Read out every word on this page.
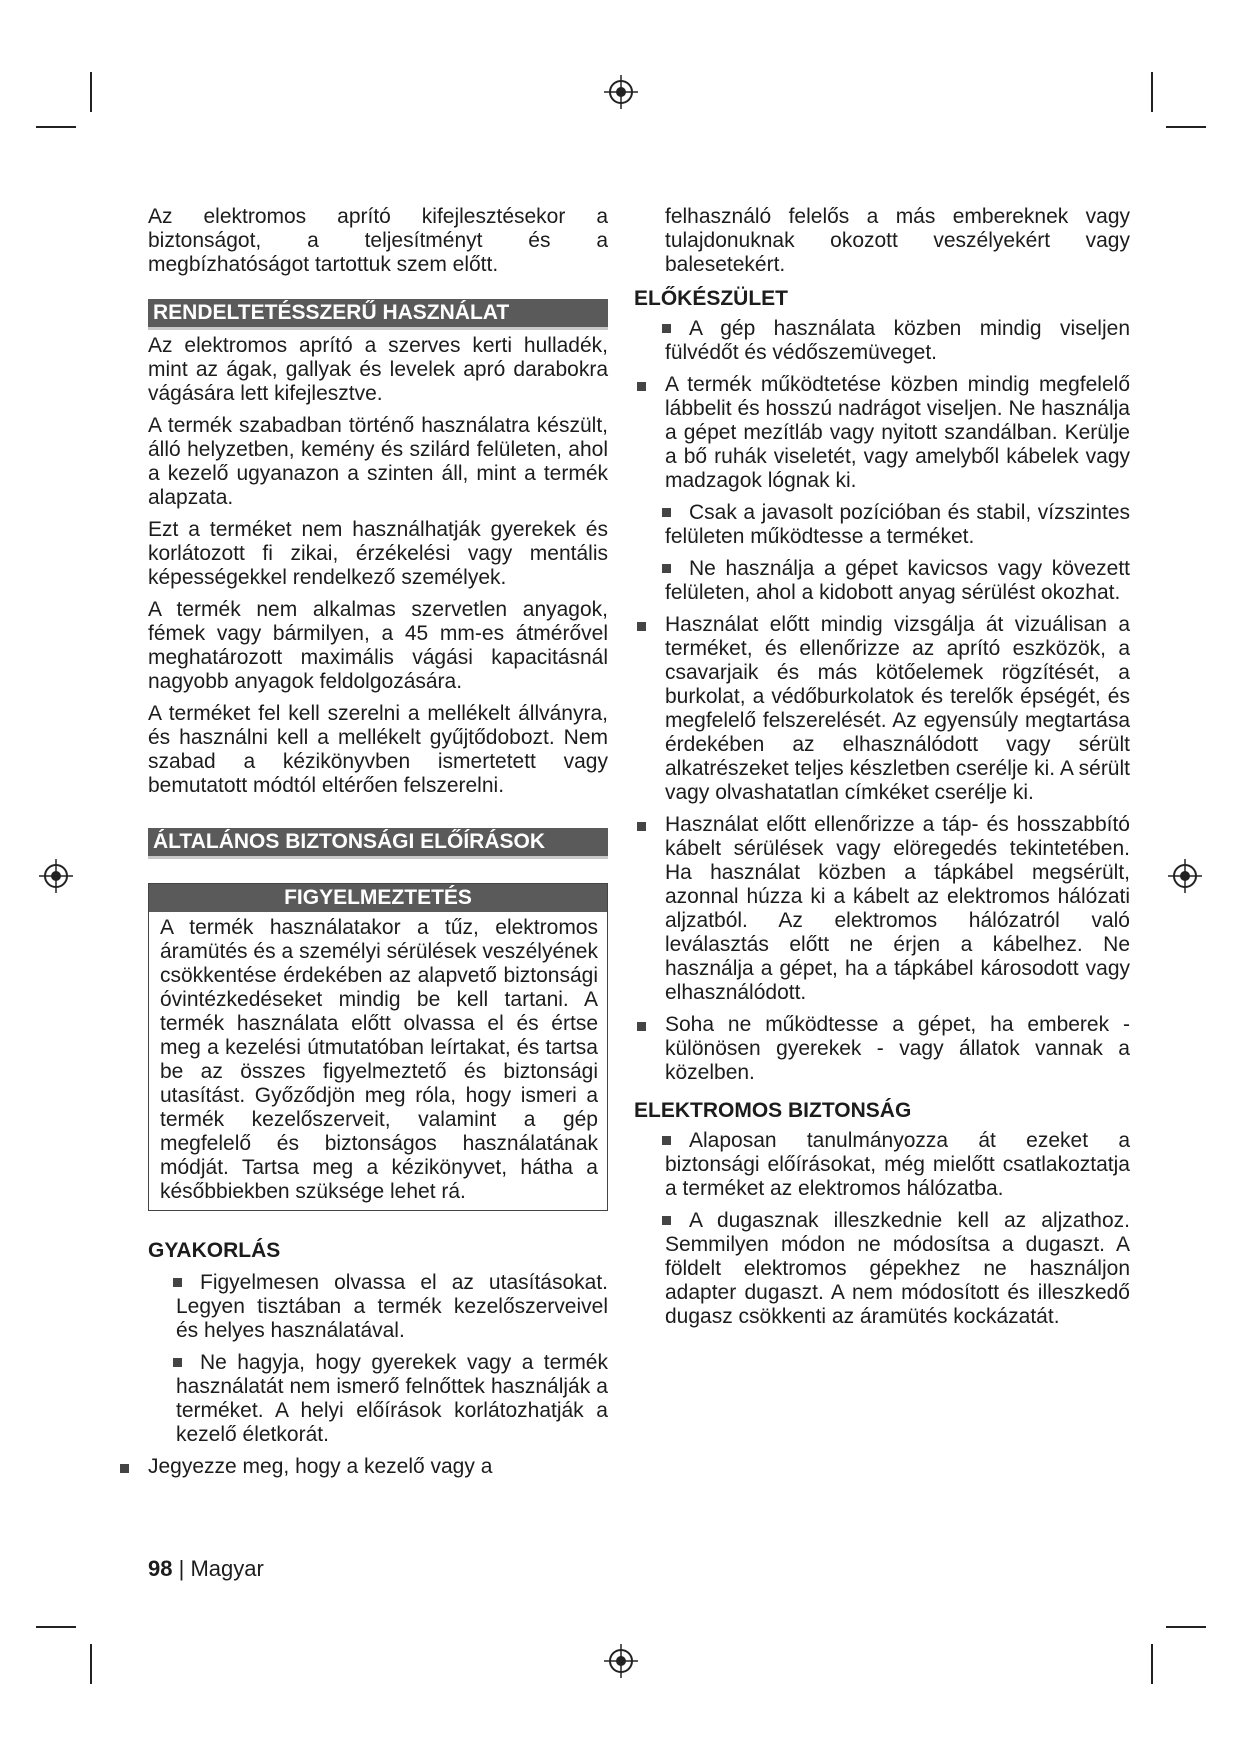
Az elektromos aprító kifejlesztésekor a biztonságot, a teljesítményt és a megbízhatóságot tartottuk szem előtt.

RENDELTETÉSSZERŰ HASZNÁLAT

Az elektromos aprító a szerves kerti hulladék, mint az ágak, gallyak és levelek apró darabokra vágására lett kifejlesztve.

A termék szabadban történő használatra készült, álló helyzetben, kemény és szilárd felületen, ahol a kezelő ugyanazon a szinten áll, mint a termék alapzata.

Ezt a terméket nem használhatják gyerekek és korlátozott fi zikai, érzékelési vagy mentális képességekkel rendelkező személyek.

A termék nem alkalmas szervetlen anyagok, fémek vagy bármilyen, a 45 mm-es átmérővel meghatározott maximális vágási kapacitásnál nagyobb anyagok feldolgozására.

A terméket fel kell szerelni a mellékelt állványra, és használni kell a mellékelt gyűjtődobozt. Nem szabad a kézikönyvben ismertetett vagy bemutatott módtól eltérően felszerelni.

ÁLTALÁNOS BIZTONSÁGI ELŐÍRÁSOK
FIGYELMEZTETÉS

A termék használatakor a tűz, elektromos áramütés és a személyi sérülések veszélyének csökkentése érdekében az alapvető biztonsági óvintézkedéseket mindig be kell tartani. A termék használata előtt olvassa el és értse meg a kezelési útmutatóban leírtakat, és tartsa be az összes figyelmeztető és biztonsági utasítást. Győződjön meg róla, hogy ismeri a termék kezelőszerveit, valamint a gép megfelelő és biztonságos használatának módját. Tartsa meg a kézikönyvet, hátha a későbbiekben szüksége lehet rá.

GYAKORLÁS
Figyelmesen olvassa el az utasításokat. Legyen tisztában a termék kezelőszerveivel és helyes használatával.
Ne hagyja, hogy gyerekek vagy a termék használatát nem ismerő felnőttek használják a terméket. A helyi előírások korlátozhatják a kezelő életkorát.
Jegyezze meg, hogy a kezelő vagy a

felhasználó felelős a más embereknek vagy tulajdonuknak okozott veszélyekért vagy balesetekért.

ELŐKÉSZÜLET
A gép használata közben mindig viseljen fülvédőt és védőszemüveget.
A termék működtetése közben mindig megfelelő lábbelit és hosszú nadrágot viseljen. Ne használja a gépet mezítláb vagy nyitott szandálban. Kerülje a bő ruhák viseletét, vagy amelyből kábelek vagy madzagok lógnak ki.
Csak a javasolt pozícióban és stabil, vízszintes felületen működtesse a terméket.
Ne használja a gépet kavicsos vagy kövezett felületen, ahol a kidobott anyag sérülést okozhat.
Használat előtt mindig vizsgálja át vizuálisan a terméket, és ellenőrizze az aprító eszközök, a csavarjaik és más kötőelemek rögzítését, a burkolat, a védőburkolatok és terelők épségét, és megfelelő felszerelését. Az egyensúly megtartása érdekében az elhasználódott vagy sérült alkatrészeket teljes készletben cserélje ki. A sérült vagy olvashatatlan címkéket cserélje ki.
Használat előtt ellenőrizze a táp- és hosszabbító kábelt sérülések vagy elöregedés tekintetében. Ha használat közben a tápkábel megsérült, azonnal húzza ki a kábelt az elektromos hálózati aljzatból. Az elektromos hálózatról való leválasztás előtt ne érjen a kábelhez. Ne használja a gépet, ha a tápkábel károsodott vagy elhasználódott.
Soha ne működtesse a gépet, ha emberek - különösen gyerekek - vagy állatok vannak a közelben.
ELEKTROMOS BIZTONSÁG
Alaposan tanulmányozza át ezeket a biztonsági előírásokat, még mielőtt csatlakoztatja a terméket az elektromos hálózatba.
A dugasznak illeszkednie kell az aljzathoz. Semmilyen módon ne módosítsa a dugaszt. A földelt elektromos gépekhez ne használjon adapter dugaszt. A nem módosított és illeszkedő dugasz csökkenti az áramütés kockázatát.
98 | Magyar
